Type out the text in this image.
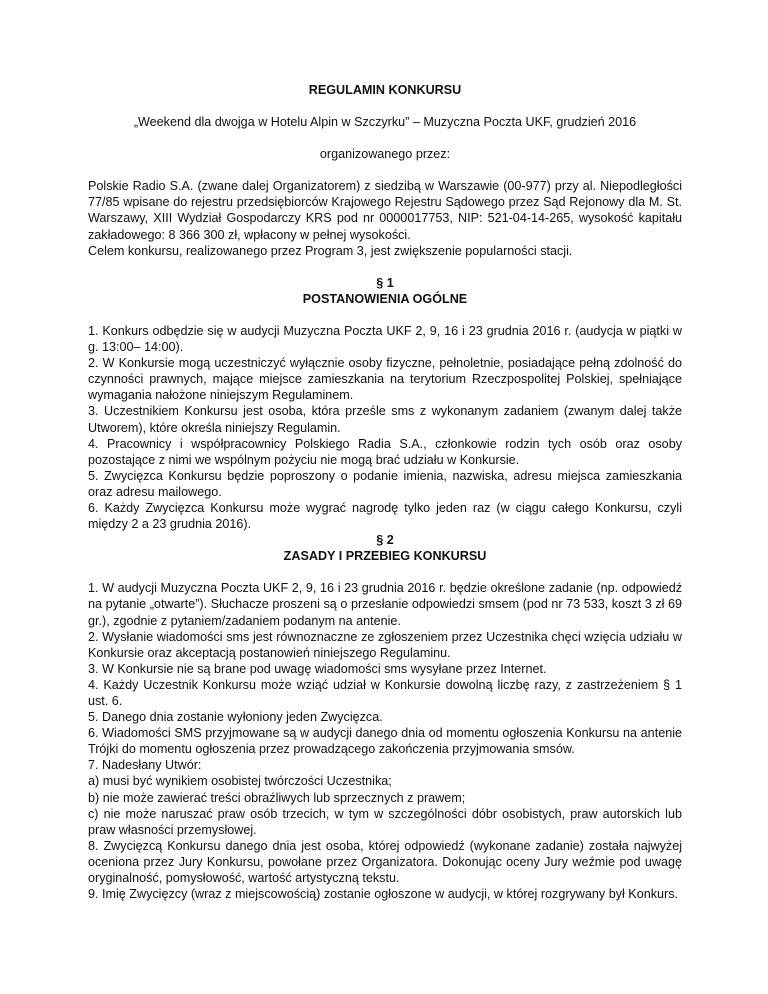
REGULAMIN KONKURSU

„Weekend dla dwojga w Hotelu Alpin w Szczyrku” – Muzyczna Poczta UKF, grudzień 2016

organizowanego przez:

Polskie Radio S.A. (zwane dalej Organizatorem) z siedzibą w Warszawie (00-977) przy al. Niepodległości 77/85 wpisane do rejestru przedsiębiorców Krajowego Rejestru Sądowego przez Sąd Rejonowy dla M. St. Warszawy, XIII Wydział Gospodarczy KRS pod nr 0000017753, NIP: 521-04-14-265, wysokość kapitału zakładowego: 8 366 300 zł, wpłacony w pełnej wysokości.

Celem konkursu, realizowanego przez Program 3, jest zwiększenie popularności stacji.

§ 1
POSTANOWIENIA OGÓLNE

1. Konkurs odbędzie się w audycji Muzyczna Poczta UKF 2, 9, 16 i 23 grudnia 2016 r. (audycja w piątki w g. 13:00– 14:00).

2. W Konkursie mogą uczestniczyć wyłącznie osoby fizyczne, pełnoletnie, posiadające pełną zdolność do czynności prawnych, mające miejsce zamieszkania na terytorium Rzeczpospolitej Polskiej, spełniające wymagania nałożone niniejszym Regulaminem.

3. Uczestnikiem Konkursu jest osoba, która prześle sms z wykonanym zadaniem (zwanym dalej także Utworem), które określa niniejszy Regulamin.

4. Pracownicy i współpracownicy Polskiego Radia S.A., członkowie rodzin tych osób oraz osoby pozostające z nimi we wspólnym pożyciu nie mogą brać udziału w Konkursie.

5. Zwycięzca Konkursu będzie poproszony o podanie imienia, nazwiska, adresu miejsca zamieszkania oraz adresu mailowego.

6. Każdy Zwycięzca Konkursu może wygrać nagrodę tylko jeden raz (w ciągu całego Konkursu, czyli między 2 a 23 grudnia 2016).

§ 2
ZASADY I PRZEBIEG KONKURSU

1. W audycji Muzyczna Poczta UKF 2, 9, 16 i 23 grudnia 2016 r. będzie określone zadanie (np. odpowiedź na pytanie „otwarte”). Słuchacze proszeni są o przesłanie odpowiedzi smsem (pod nr 73 533, koszt 3 zł 69 gr.), zgodnie z pytaniem/zadaniem podanym na antenie.

2. Wysłanie wiadomości sms jest równoznaczne ze zgłoszeniem przez Uczestnika chęci wzięcia udziału w Konkursie oraz akceptacją postanowień niniejszego Regulaminu.

3. W Konkursie nie są brane pod uwagę wiadomości sms wysyłane przez Internet.

4. Każdy Uczestnik Konkursu może wziąć udział w Konkursie dowolną liczbę razy, z zastrzeżeniem § 1 ust. 6.

5. Danego dnia zostanie wyłoniony jeden Zwycięzca.

6. Wiadomości SMS przyjmowane są w audycji danego dnia od momentu ogłoszenia Konkursu na antenie Trójki do momentu ogłoszenia przez prowadzącego zakończenia przyjmowania smsów.

7. Nadesłany Utwór:

a) musi być wynikiem osobistej twórczości Uczestnika;

b) nie może zawierać treści obraźliwych lub sprzecznych z prawem;

c) nie może naruszać praw osób trzecich, w tym w szczególności dóbr osobistych, praw autorskich lub praw własności przemysłowej.

8. Zwycięzcą Konkursu danego dnia jest osoba, której odpowiedź (wykonane zadanie) została najwyżej oceniona przez Jury Konkursu, powołane przez Organizatora. Dokonując oceny Jury weźmie pod uwagę oryginalność, pomysłowość, wartość artystyczną tekstu.

9. Imię Zwycięzcy (wraz z miejscowością) zostanie ogłoszone w audycji, w której rozgrywany był Konkurs.
